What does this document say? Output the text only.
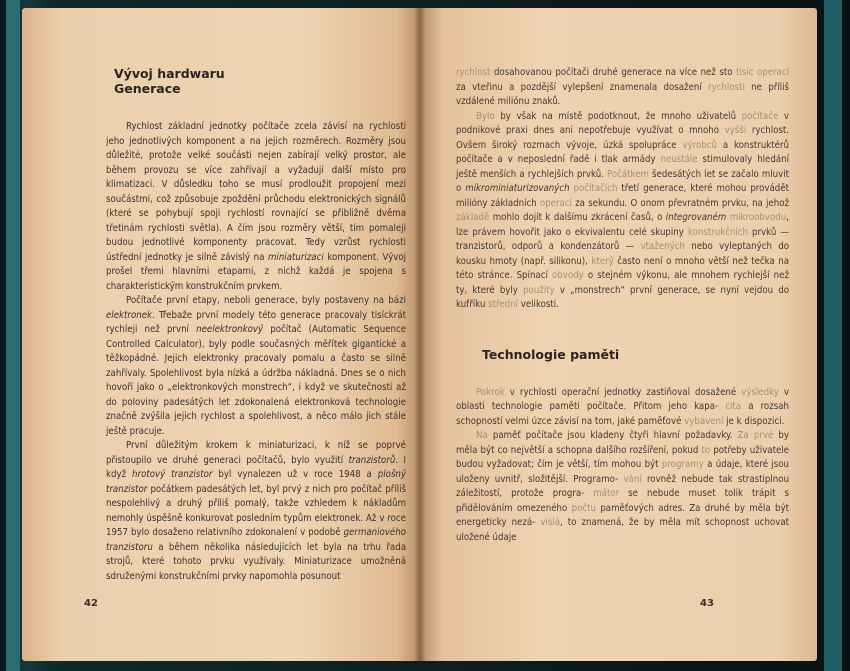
Vývoj hardwaru
Generace

Rychlost základní jednotky počítače zcela závisí na rychlosti jeho jednotlivých komponent a na jejich rozměrech. Rozměry jsou důležité, protože velké součásti nejen zabírají velký prostor, ale během provozu se více zahřívají a vyžadují další místo pro klimatizaci. V důsledku toho se musí prodloužit propojení mezi součástmi, což způsobuje zpoždění průchodu elektronických signálů (které se pohybují spoji rychlostí rovnající se přibližně dvěma třetinám rychlosti světla). A čím jsou rozměry větší, tím pomaleji budou jednotlivé komponenty pracovat. Tedy vzrůst rychlosti ústřední jednotky je silně závislý na miniaturizaci komponent. Vývoj prošel třemi hlavními etapami, z nichž každá je spojena s charakteristickým konstrukčním prvkem.

Počítače první etapy, neboli generace, byly postaveny na bázi elektronek. Třebaže první modely této generace pracovaly tisíckrát rychleji než první neelektronkový počítač (Automatic Sequence Controlled Calculator), byly podle současných měřítek gigantické a těžkopádné. Jejich elektronky pracovaly pomalu a často se silně zahřívaly. Spolehlivost byla nízká a údržba nákladná. Dnes se o nich hovoří jako o „elektronkových monstrech“, i když ve skutečnosti až do poloviny padesátých let zdokonalená elektronková technologie značně zvýšila jejich rychlost a spolehlivost, a něco málo jich stále ještě pracuje.

První důležitým krokem k miniaturizaci, k níž se poprvé přistoupilo ve druhé generaci počítačů, bylo využití tranzistorů. I když hrotový tranzistor byl vynalezen už v roce 1948 a plošný tranzistor počátkem padesátých let, byl prvý z nich pro počítač příliš nespolehlivý a druhý příliš pomalý, takže vzhledem k nákladům nemohly úspěšně konkurovat posledním typům elektronek. Až v roce 1957 bylo dosaženo relativního zdokonalení v podobě germaniového tranzistoru a během několika následujících let byla na trhu řada strojů, které tohoto prvku využívaly. Miniaturizace umožněná sdruženými konstrukčními prvky napomohla posunout

rychlost dosahovanou počítači druhé generace na více než sto tisíc operací za vteřinu a pozdější vylepšení znamenala dosažení rychlosti ne příliš vzdálené miliónu znaků.

Bylo by však na místě podotknout, že mnoho uživatelů počítače v podnikové praxi dnes ani nepotřebuje využívat o mnoho vyšší rychlost. Ovšem široký rozmach vývoje, úzká spolupráce výrobců a konstruktérů počítače a v neposlední řadě i tlak armády neustále stimulovaly hledání ještě menších a rychlejších prvků. Počátkem šedesátých let se začalo mluvit o mikrominiaturizovaných počítačích třetí generace, které mohou provádět milióny základních operací za sekundu. O onom převratném prvku, na jehož základě mohlo dojít k dalšímu zkrácení časů, o integrovaném mikroobvodu, lze právem hovořit jako o ekvivalentu celé skupiny konstrukčních prvků — tranzistorů, odporů a kondenzátorů — vtažených nebo vyleptaných do kousku hmoty (např. silikonu), který často není o mnoho větší než tečka na této stránce. Spínací obvody o stejném výkonu, ale mnohem rychlejší než ty, které byly použity v „monstrech“ první generace, se nyní vejdou do kufříku střední velikosti.

Technologie paměti

Pokrok v rychlosti operační jednotky zastiňoval dosažené výsledky v oblasti technologie paměti počítače. Přitom jeho kapa- cita a rozsah schopností velmi úzce závisí na tom, jaké paměťové vybavení je k dispozici.

Na paměť počítače jsou kladeny čtyři hlavní požadavky. Za prvé by měla být co největší a schopna dalšího rozšíření, pokud to potřeby uživatele budou vyžadovat; čím je větší, tím mohou být programy a údaje, které jsou uloženy uvnitř, složitější. Programo- vání rovněž nebude tak strastiplnou záležitostí, protože progra- mátor se nebude muset tolik trápit s přidělováním omezeného počtu paměťových adres. Za druhé by měla být energeticky nezá- vislá, to znamená, že by měla mít schopnost uchovat uložené údaje

42	43
